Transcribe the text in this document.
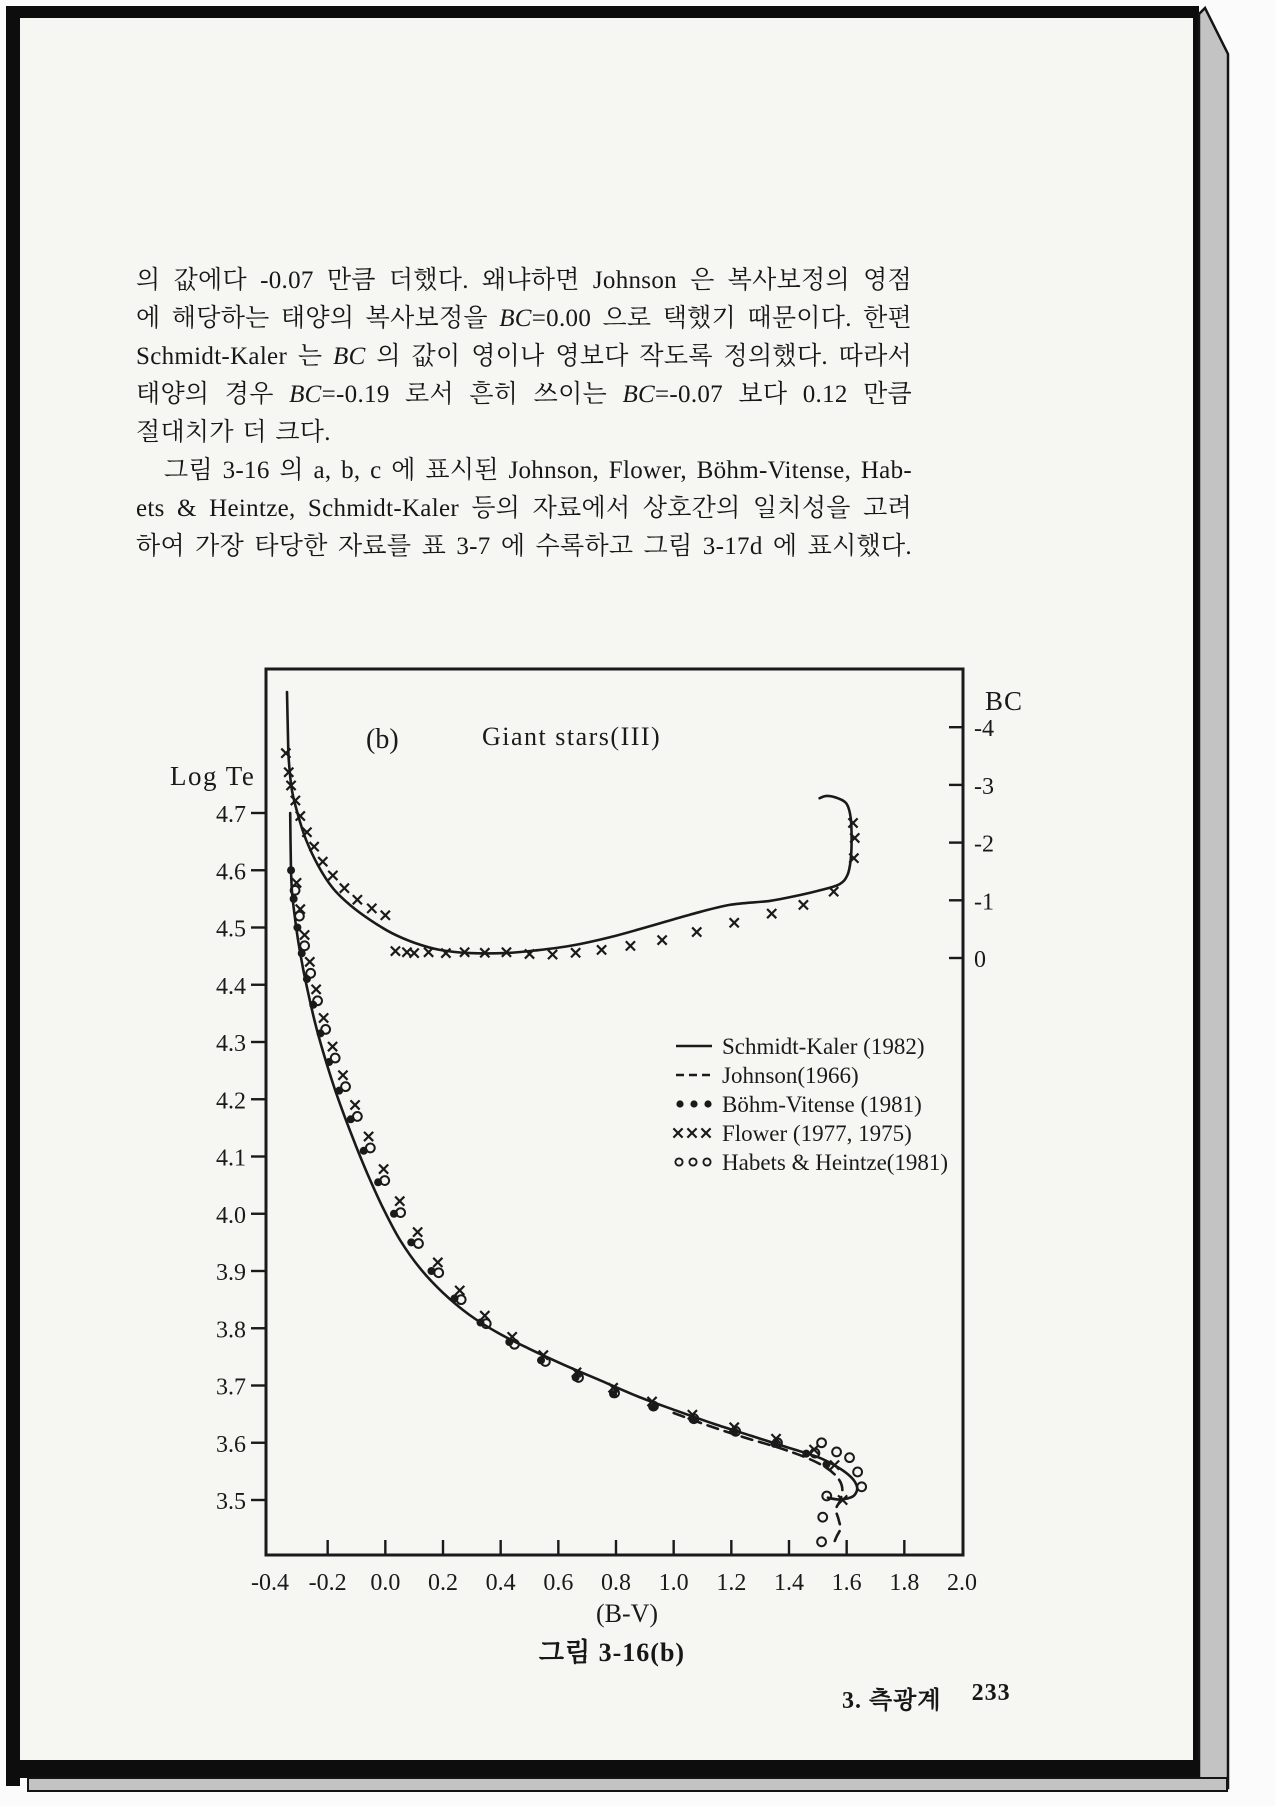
의 값에다 -0.07 만큼 더했다. 왜냐하면 Johnson 은 복사보정의 영점
에 해당하는 태양의 복사보정을 BC=0.00 으로 택했기 때문이다. 한편
Schmidt-Kaler 는 BC 의 값이 영이나 영보다 작도록 정의했다. 따라서
태양의 경우 BC=-0.19 로서 흔히 쓰이는 BC=-0.07 보다 0.12 만큼
절대치가 더 크다.
그림 3-16 의 a, b, c 에 표시된 Johnson, Flower, Böhm-Vitense, Hab-
ets & Heintze, Schmidt-Kaler 등의 자료에서 상호간의 일치성을 고려
하여 가장 타당한 자료를 표 3-7 에 수록하고 그림 3-17d 에 표시했다.
-0.4 -0.2 0.0 0.2 0.4 0.6 0.8 1.0 1.2 1.4 1.6 1.8 2.0
(B-V)
4.7
4.6
4.5
4.4
4.3
4.2
4.1
4.0
3.9
3.8
3.7
3.6
3.5
Log Te
-4
-3
-2
-1
0
BC
(b)	Giant stars(III)
Schmidt-Kaler (1982)
Johnson(1966)
Böhm-Vitense (1981)
Flower (1977, 1975)
Habets & Heintze(1981)
그림 3-16(b)
3. 측광계 233
